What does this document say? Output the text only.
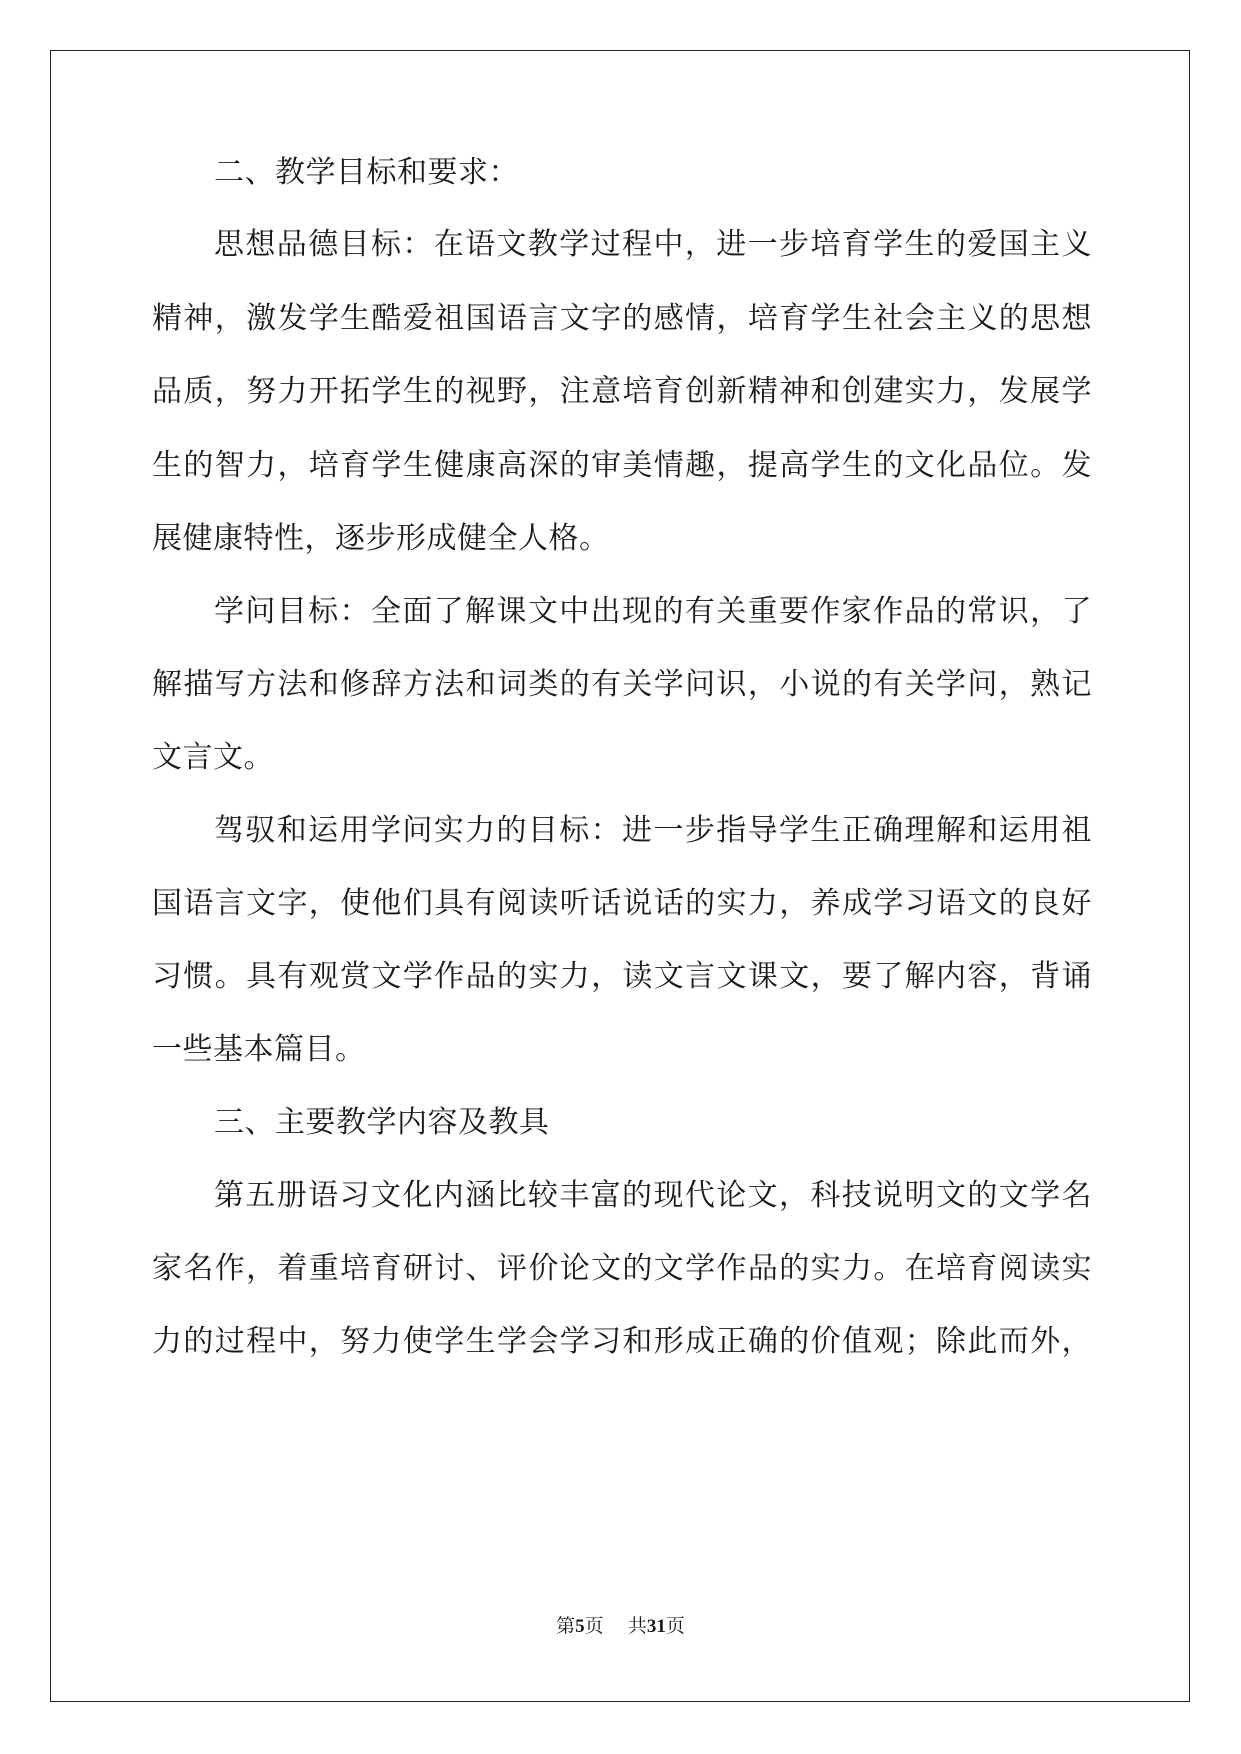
二、教学目标和要求：
思想品德目标：在语文教学过程中，进一步培育学生的爱国主义
精神，激发学生酷爱祖国语言文字的感情，培育学生社会主义的思想
品质，努力开拓学生的视野，注意培育创新精神和创建实力，发展学
生的智力，培育学生健康高深的审美情趣，提高学生的文化品位。发
展健康特性，逐步形成健全人格。
学问目标：全面了解课文中出现的有关重要作家作品的常识，了
解描写方法和修辞方法和词类的有关学问识，小说的有关学问，熟记
文言文。
驾驭和运用学问实力的目标：进一步指导学生正确理解和运用祖
国语言文字，使他们具有阅读听话说话的实力，养成学习语文的良好
习惯。具有观赏文学作品的实力，读文言文课文，要了解内容，背诵
一些基本篇目。
三、主要教学内容及教具
第五册语习文化内涵比较丰富的现代论文，科技说明文的文学名
家名作，着重培育研讨、评价论文的文学作品的实力。在培育阅读实
力的过程中，努力使学生学会学习和形成正确的价值观；除此而外，
第5页    共31页
